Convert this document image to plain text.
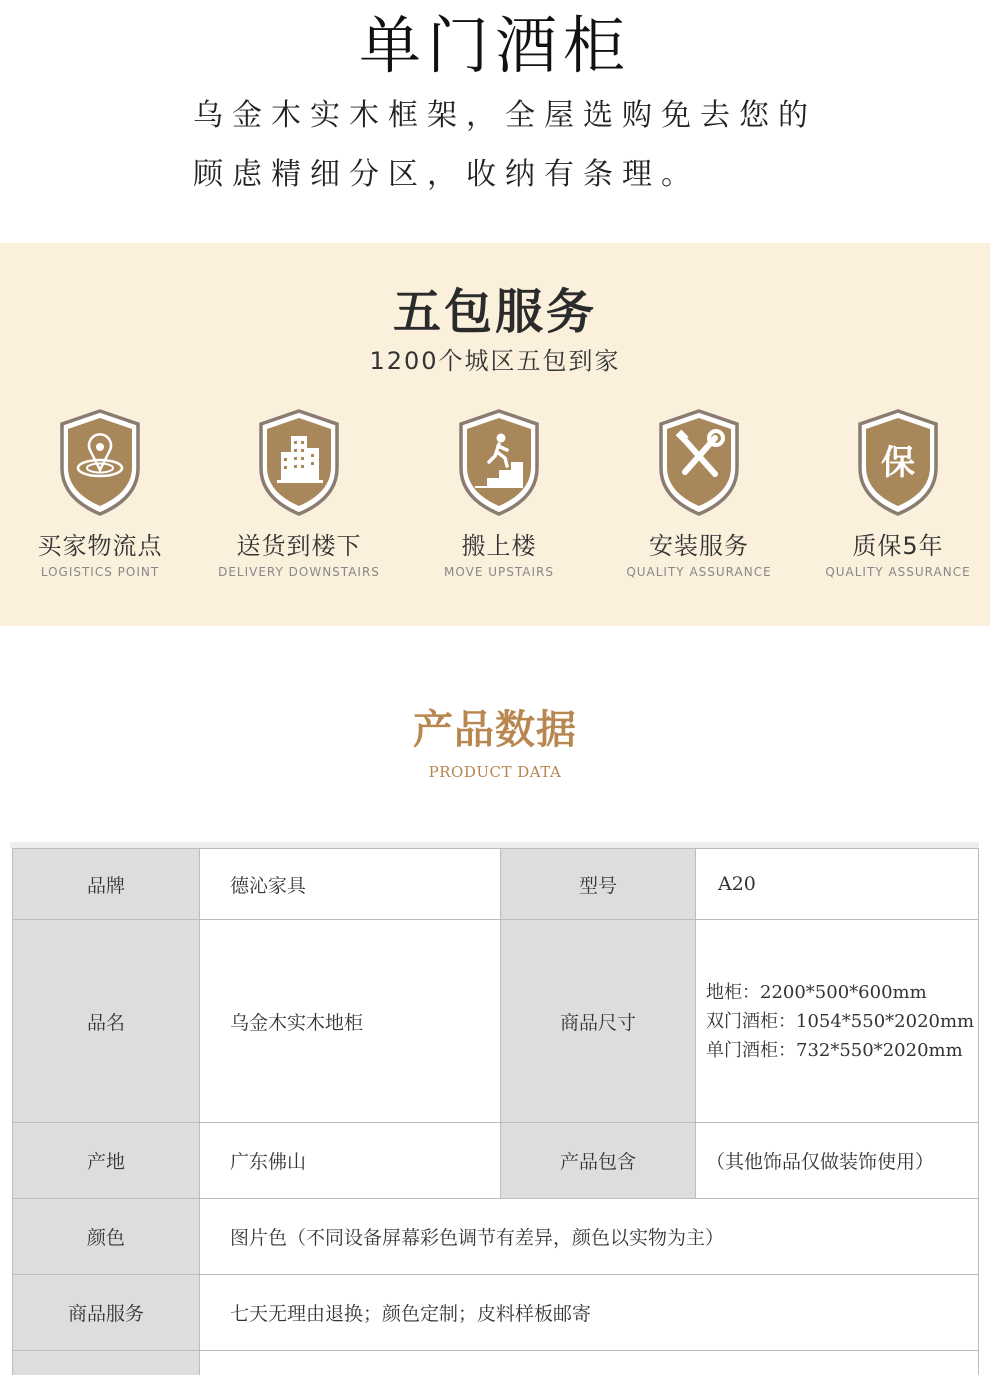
单门酒柜
乌金木实木框架，全屋选购免去您的
顾虑精细分区，收纳有条理。
五包服务
1200个城区五包到家
买家物流点
LOGISTICS POINT
送货到楼下
DELIVERY DOWNSTAIRS
搬上楼
MOVE UPSTAIRS
安装服务
QUALITY ASSURANCE
保
质保5年
QUALITY ASSURANCE
产品数据
PRODUCT DATA
品牌	德沁家具	型号	A20
品名	乌金木实木地柜	商品尺寸
地柜：2200*500*600mm
双门酒柜：1054*550*2020mm
单门酒柜：732*550*2020mm
产地	广东佛山	产品包含	（其他饰品仅做装饰使用）
颜色	图片色（不同设备屏幕彩色调节有差异，颜色以实物为主）
商品服务	七天无理由退换；颜色定制；皮料样板邮寄
